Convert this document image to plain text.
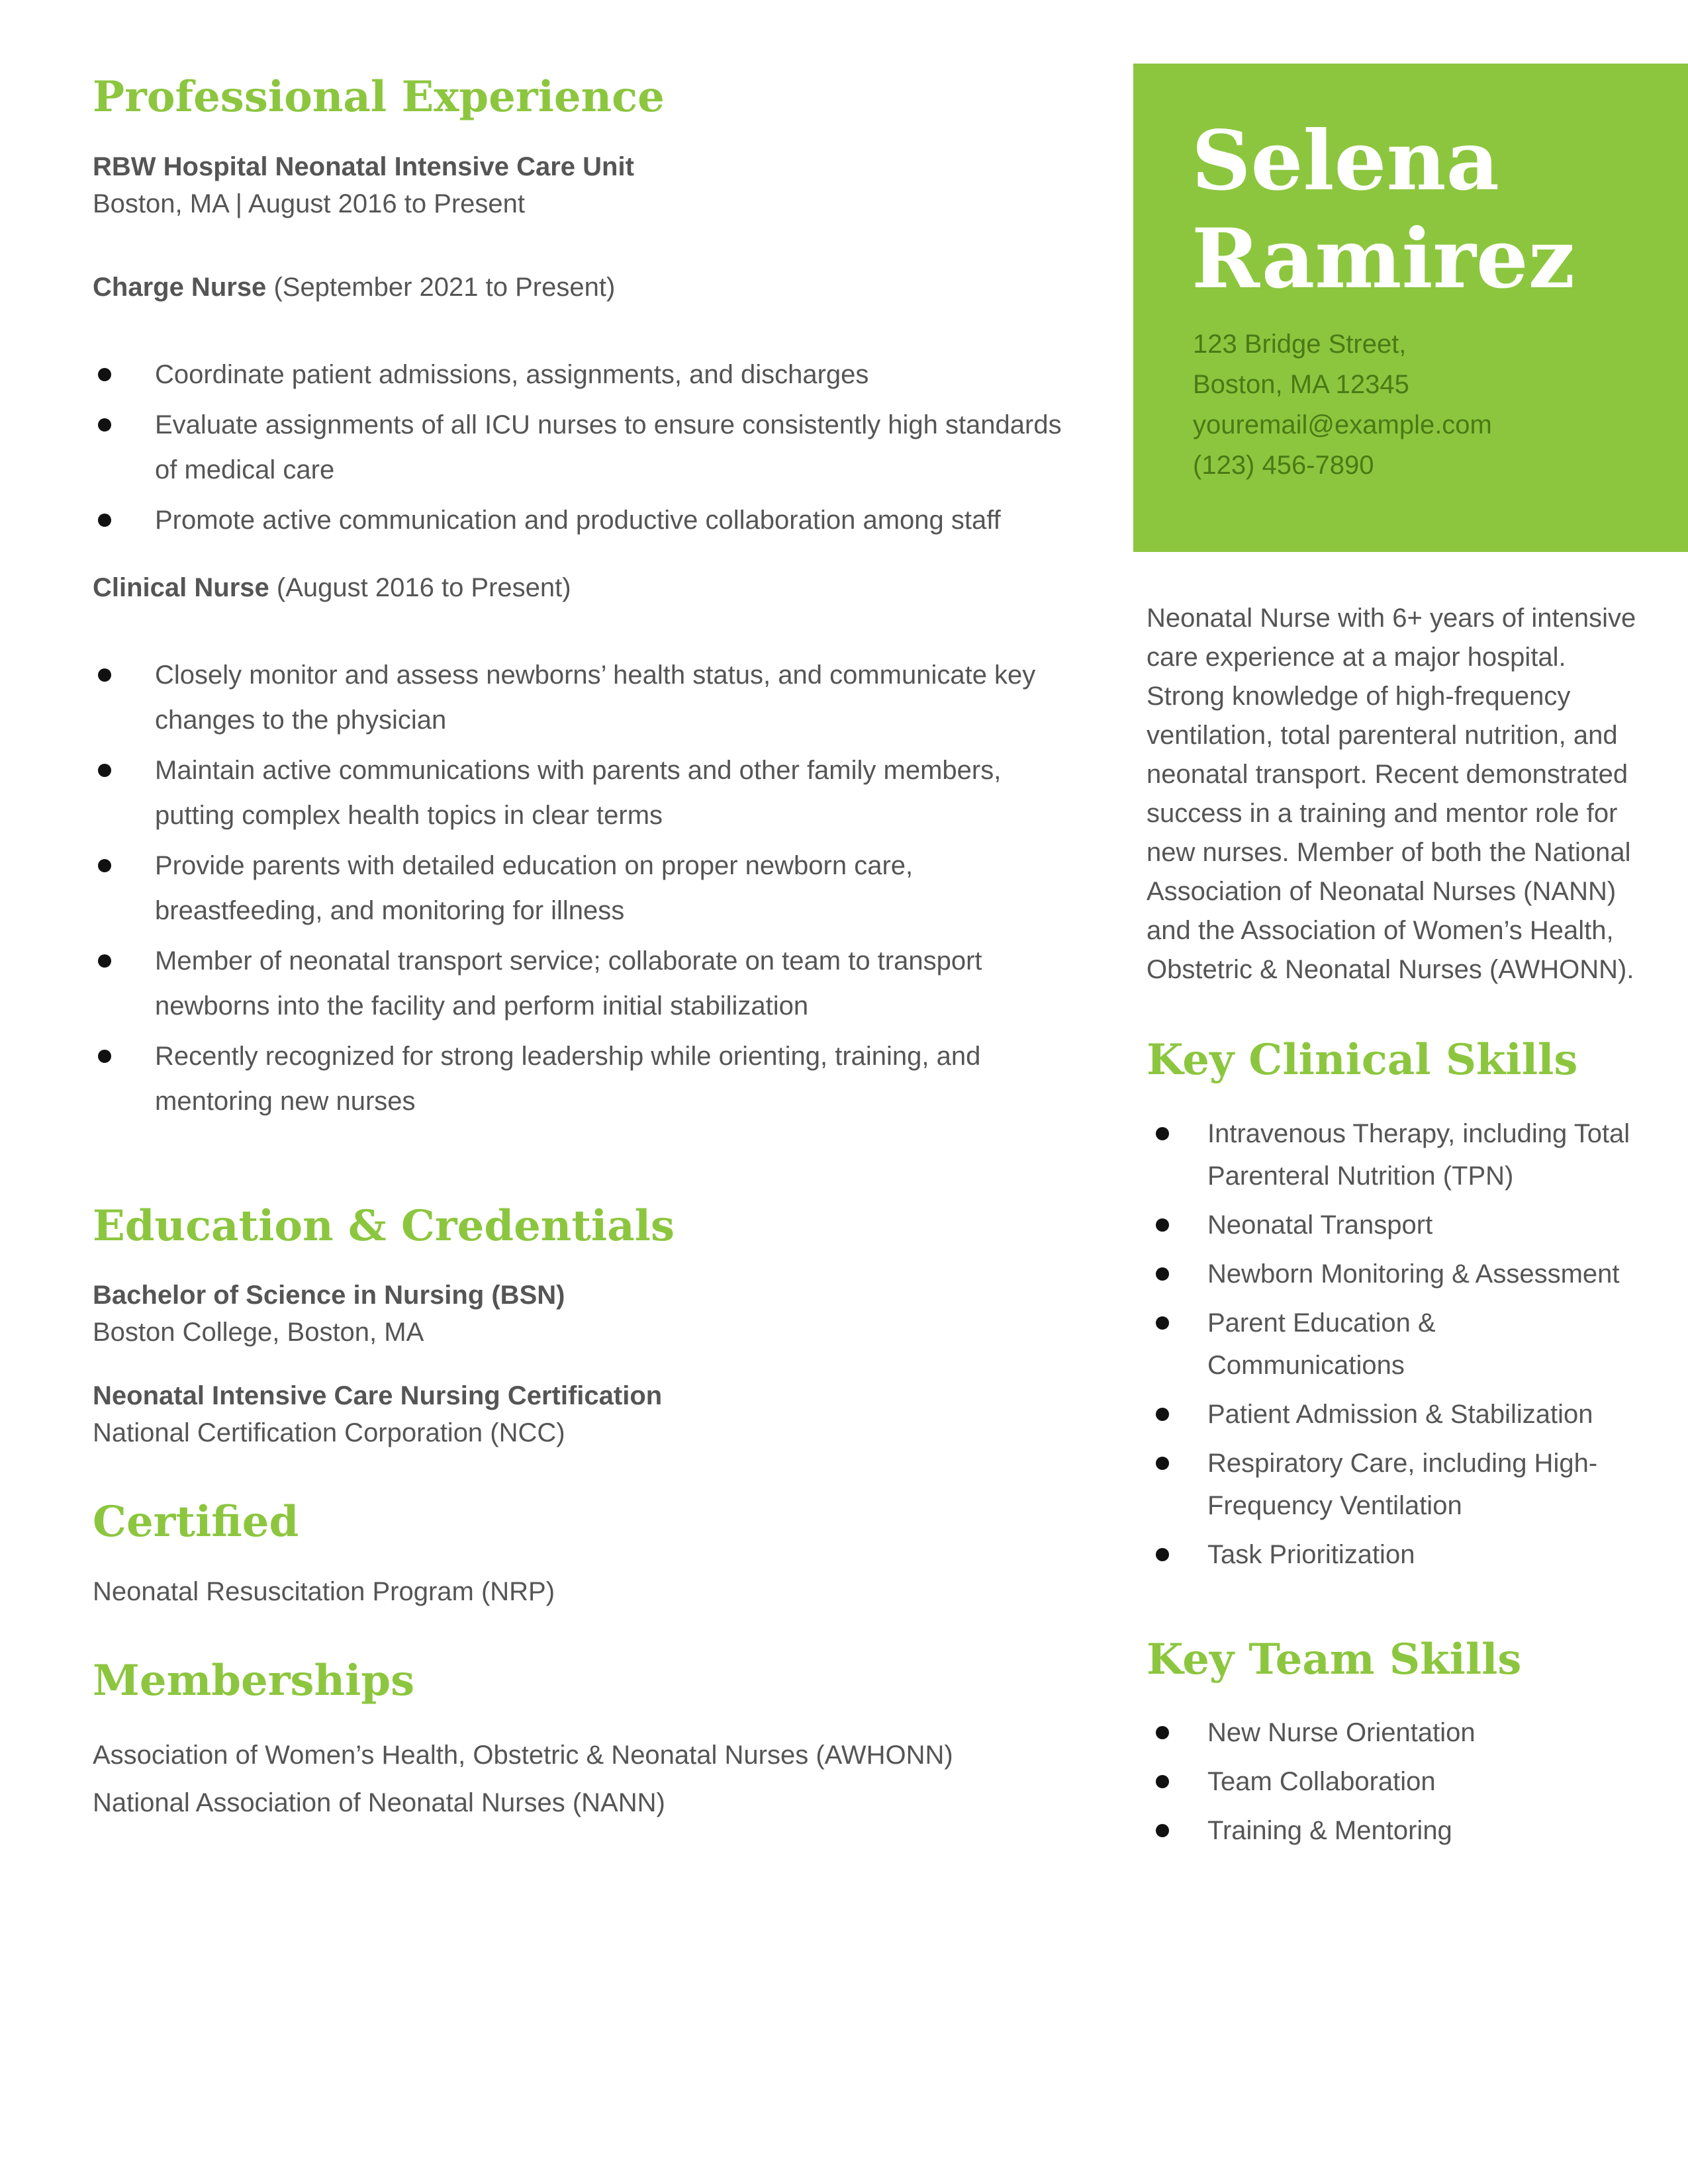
Professional Experience

RBW Hospital Neonatal Intensive Care Unit

Boston, MA | August 2016 to Present

Charge Nurse (September 2021 to Present)

Coordinate patient admissions, assignments, and discharges
Evaluate assignments of all ICU nurses to ensure consistently high standards of medical care
Promote active communication and productive collaboration among staff

Clinical Nurse (August 2016 to Present)

Closely monitor and assess newborns’ health status, and communicate key changes to the physician
Maintain active communications with parents and other family members, putting complex health topics in clear terms
Provide parents with detailed education on proper newborn care, breastfeeding, and monitoring for illness
Member of neonatal transport service; collaborate on team to transport newborns into the facility and perform initial stabilization
Recently recognized for strong leadership while orienting, training, and mentoring new nurses
Education & Credentials

Bachelor of Science in Nursing (BSN)

Boston College, Boston, MA

Neonatal Intensive Care Nursing Certification

National Certification Corporation (NCC)

Certified

Neonatal Resuscitation Program (NRP)

Memberships

Association of Women’s Health, Obstetric & Neonatal Nurses (AWHONN)

National Association of Neonatal Nurses (NANN)

Selena
Ramirez
123 Bridge Street,
Boston, MA 12345
youremail@example.com
(123) 456-7890

Neonatal Nurse with 6+ years of intensive care experience at a major hospital. Strong knowledge of high-frequency ventilation, total parenteral nutrition, and neonatal transport. Recent demonstrated success in a training and mentor role for new nurses. Member of both the National Association of Neonatal Nurses (NANN) and the Association of Women’s Health, Obstetric & Neonatal Nurses (AWHONN).

Key Clinical Skills
Intravenous Therapy, including Total Parenteral Nutrition (TPN)
Neonatal Transport
Newborn Monitoring & Assessment
Parent Education & Communications
Patient Admission & Stabilization
Respiratory Care, including High-Frequency Ventilation
Task Prioritization
Key Team Skills
New Nurse Orientation
Team Collaboration
Training & Mentoring
